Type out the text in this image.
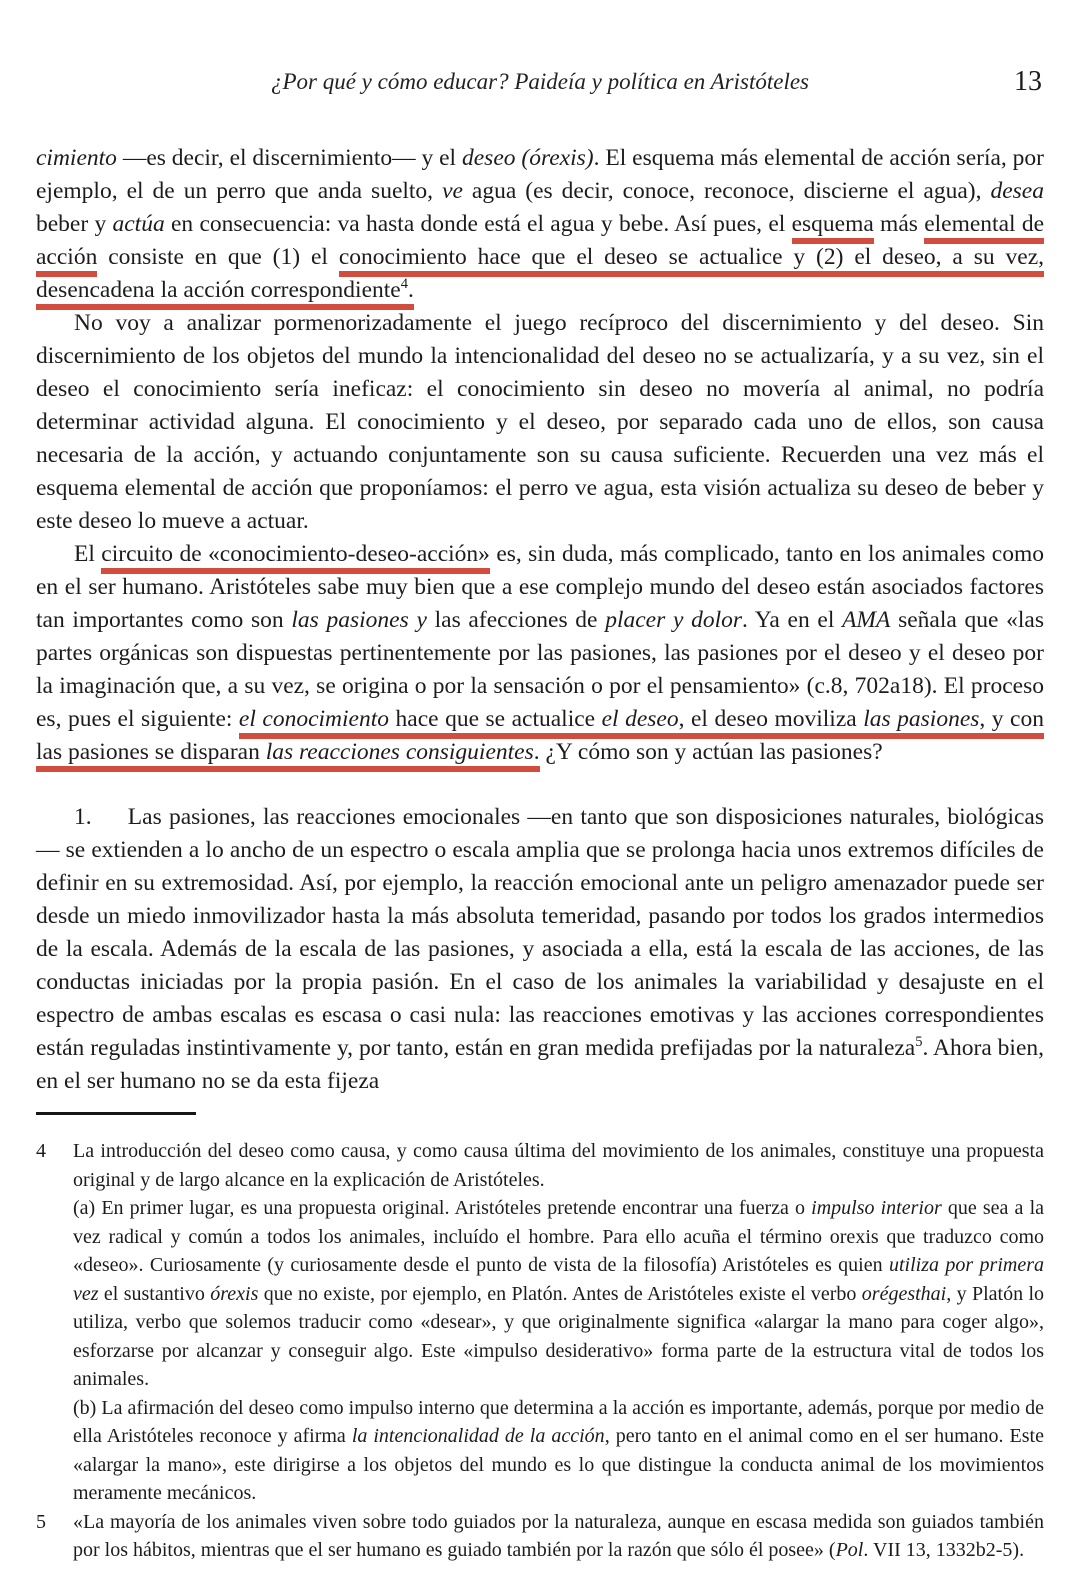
¿Por qué y cómo educar? Paideía y política en Aristóteles	13

cimiento —es decir, el discernimiento— y el deseo (órexis). El esquema más elemental de acción sería, por ejemplo, el de un perro que anda suelto, ve agua (es decir, conoce, reconoce, discierne el agua), desea beber y actúa en consecuencia: va hasta donde está el agua y bebe. Así pues, el esquema más elemental de acción consiste en que (1) el conocimiento hace que el deseo se actualice y (2) el deseo, a su vez, desencadena la acción correspondiente$^4$.

No voy a analizar pormenorizadamente el juego recíproco del discernimiento y del deseo. Sin discernimiento de los objetos del mundo la intencionalidad del deseo no se actualizaría, y a su vez, sin el deseo el conocimiento sería ineficaz: el conocimiento sin deseo no movería al animal, no podría determinar actividad alguna. El conocimiento y el deseo, por separado cada uno de ellos, son causa necesaria de la acción, y actuando conjuntamente son su causa suficiente. Recuerden una vez más el esquema elemental de acción que proponíamos: el perro ve agua, esta visión actualiza su deseo de beber y este deseo lo mueve a actuar.

El circuito de «conocimiento-deseo-acción» es, sin duda, más complicado, tanto en los animales como en el ser humano. Aristóteles sabe muy bien que a ese complejo mundo del deseo están asociados factores tan importantes como son las pasiones y las afecciones de placer y dolor. Ya en el AMA señala que «las partes orgánicas son dispuestas pertinentemente por las pasiones, las pasiones por el deseo y el deseo por la imaginación que, a su vez, se origina o por la sensación o por el pensamiento» (c.8, 702a18). El proceso es, pues el siguiente: el conocimiento hace que se actualice el deseo, el deseo moviliza las pasiones, y con las pasiones se disparan las reacciones consiguientes. ¿Y cómo son y actúan las pasiones?

1.     Las pasiones, las reacciones emocionales —en tanto que son disposiciones naturales, biológicas— se extienden a lo ancho de un espectro o escala amplia que se prolonga hacia unos extremos difíciles de definir en su extremosidad. Así, por ejemplo, la reacción emocional ante un peligro amenazador puede ser desde un miedo inmovilizador hasta la más absoluta temeridad, pasando por todos los grados intermedios de la escala. Además de la escala de las pasiones, y asociada a ella, está la escala de las acciones, de las conductas iniciadas por la propia pasión. En el caso de los animales la variabilidad y desajuste en el espectro de ambas escalas es escasa o casi nula: las reacciones emotivas y las acciones correspondientes están reguladas instintivamente y, por tanto, están en gran medida prefijadas por la naturaleza$^5$. Ahora bien, en el ser humano no se da esta fijeza

4	La introducción del deseo como causa, y como causa última del movimiento de los animales, constituye una propuesta original y de largo alcance en la explicación de Aristóteles.

(a) En primer lugar, es una propuesta original. Aristóteles pretende encontrar una fuerza o impulso interior que sea a la vez radical y común a todos los animales, incluído el hombre. Para ello acuña el término orexis que traduzco como «deseo». Curiosamente (y curiosamente desde el punto de vista de la filosofía) Aristóteles es quien utiliza por primera vez el sustantivo órexis que no existe, por ejemplo, en Platón. Antes de Aristóteles existe el verbo orégesthai, y Platón lo utiliza, verbo que solemos traducir como «desear», y que originalmente significa «alargar la mano para coger algo», esforzarse por alcanzar y conseguir algo. Este «impulso desiderativo» forma parte de la estructura vital de todos los animales.

(b) La afirmación del deseo como impulso interno que determina a la acción es importante, además, porque por medio de ella Aristóteles reconoce y afirma la intencionalidad de la acción, pero tanto en el animal como en el ser humano. Este «alargar la mano», este dirigirse a los objetos del mundo es lo que distingue la conducta animal de los movimientos meramente mecánicos.

5	«La mayoría de los animales viven sobre todo guiados por la naturaleza, aunque en escasa medida son guiados también por los hábitos, mientras que el ser humano es guiado también por la razón que sólo él posee» (Pol. VII 13, 1332b2-5).
